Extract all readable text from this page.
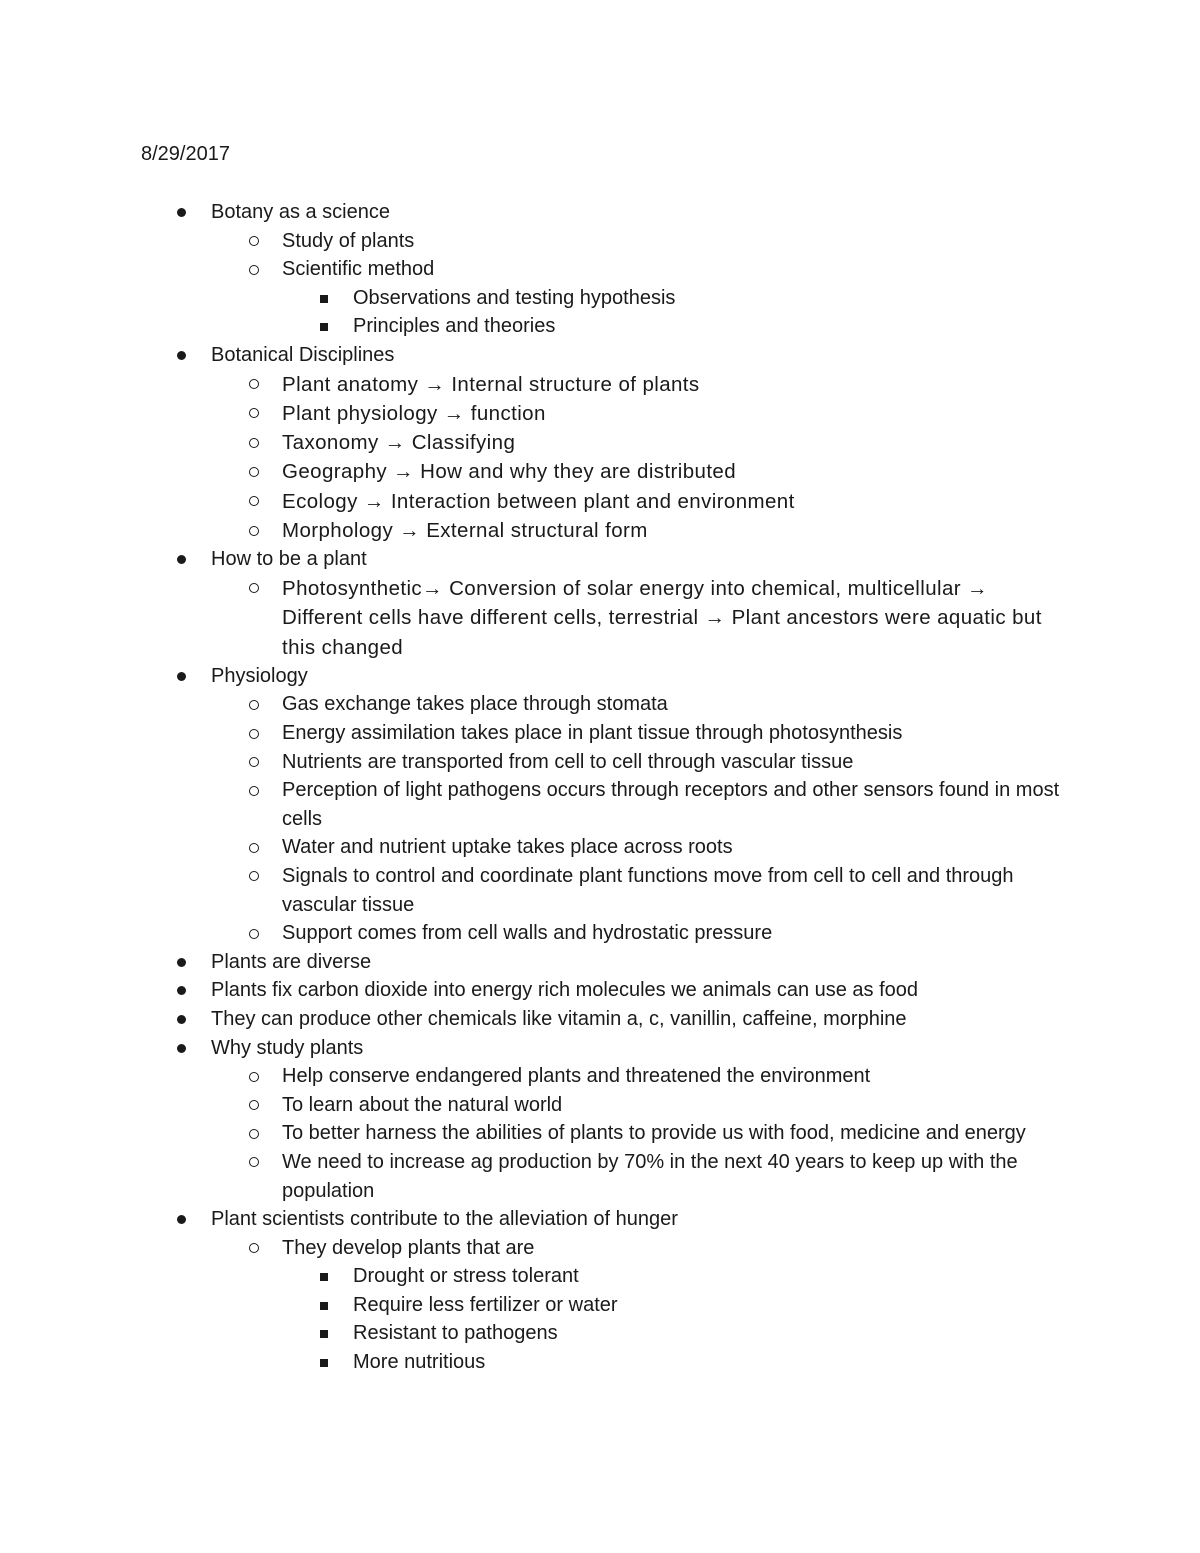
8/29/2017
Botany as a science
Study of plants
Scientific method
Observations and testing hypothesis
Principles and theories
Botanical Disciplines
Plant anatomy → Internal structure of plants
Plant physiology → function
Taxonomy → Classifying
Geography → How and why they are distributed
Ecology → Interaction between plant and environment
Morphology → External structural form
How to be a plant
Photosynthetic→ Conversion of solar energy into chemical, multicellular → Different cells have different cells, terrestrial → Plant ancestors were aquatic but this changed
Physiology
Gas exchange takes place through stomata
Energy assimilation takes place in plant tissue through photosynthesis
Nutrients are transported from cell to cell through vascular tissue
Perception of light pathogens occurs through receptors and other sensors found in most cells
Water and nutrient uptake takes place across roots
Signals to control and coordinate plant functions move from cell to cell and through vascular tissue
Support comes from cell walls and hydrostatic pressure
Plants are diverse
Plants fix carbon dioxide into energy rich molecules we animals can use as food
They can produce other chemicals like vitamin a, c, vanillin, caffeine, morphine
Why study plants
Help conserve endangered plants and threatened the environment
To learn about the natural world
To better harness the abilities of plants to provide us with food, medicine and energy
We need to increase ag production by 70% in the next 40 years to keep up with the population
Plant scientists contribute to the alleviation of hunger
They develop plants that are
Drought or stress tolerant
Require less fertilizer or water
Resistant to pathogens
More nutritious
